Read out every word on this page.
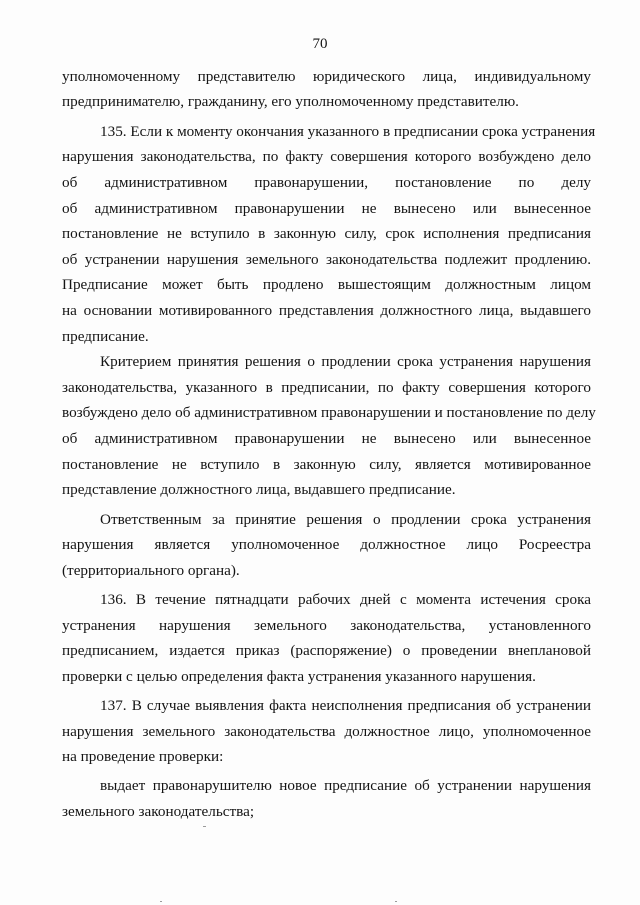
70
уполномоченному представителю юридического лица, индивидуальному
предпринимателю, гражданину, его уполномоченному представителю.
135. Если к моменту окончания указанного в предписании срока устранения
нарушения законодательства, по факту совершения которого возбуждено дело
об административном правонарушении, постановление по делу
об административном правонарушении не вынесено или вынесенное
постановление не вступило в законную силу, срок исполнения предписания
об устранении нарушения земельного законодательства подлежит продлению.
Предписание может быть продлено вышестоящим должностным лицом
на основании мотивированного представления должностного лица, выдавшего
предписание.
Критерием принятия решения о продлении срока устранения нарушения
законодательства, указанного в предписании, по факту совершения которого
возбуждено дело об административном правонарушении и постановление по делу
об административном правонарушении не вынесено или вынесенное
постановление не вступило в законную силу, является мотивированное
представление должностного лица, выдавшего предписание.
Ответственным за принятие решения о продлении срока устранения
нарушения является уполномоченное должностное лицо Росреестра
(территориального органа).
136. В течение пятнадцати рабочих дней с момента истечения срока
устранения нарушения земельного законодательства, установленного
предписанием, издается приказ (распоряжение) о проведении внеплановой
проверки с целью определения факта устранения указанного нарушения.
137. В случае выявления факта неисполнения предписания об устранении
нарушения земельного законодательства должностное лицо, уполномоченное
на проведение проверки:
выдает правонарушителю новое предписание об устранении нарушения
земельного законодательства;
